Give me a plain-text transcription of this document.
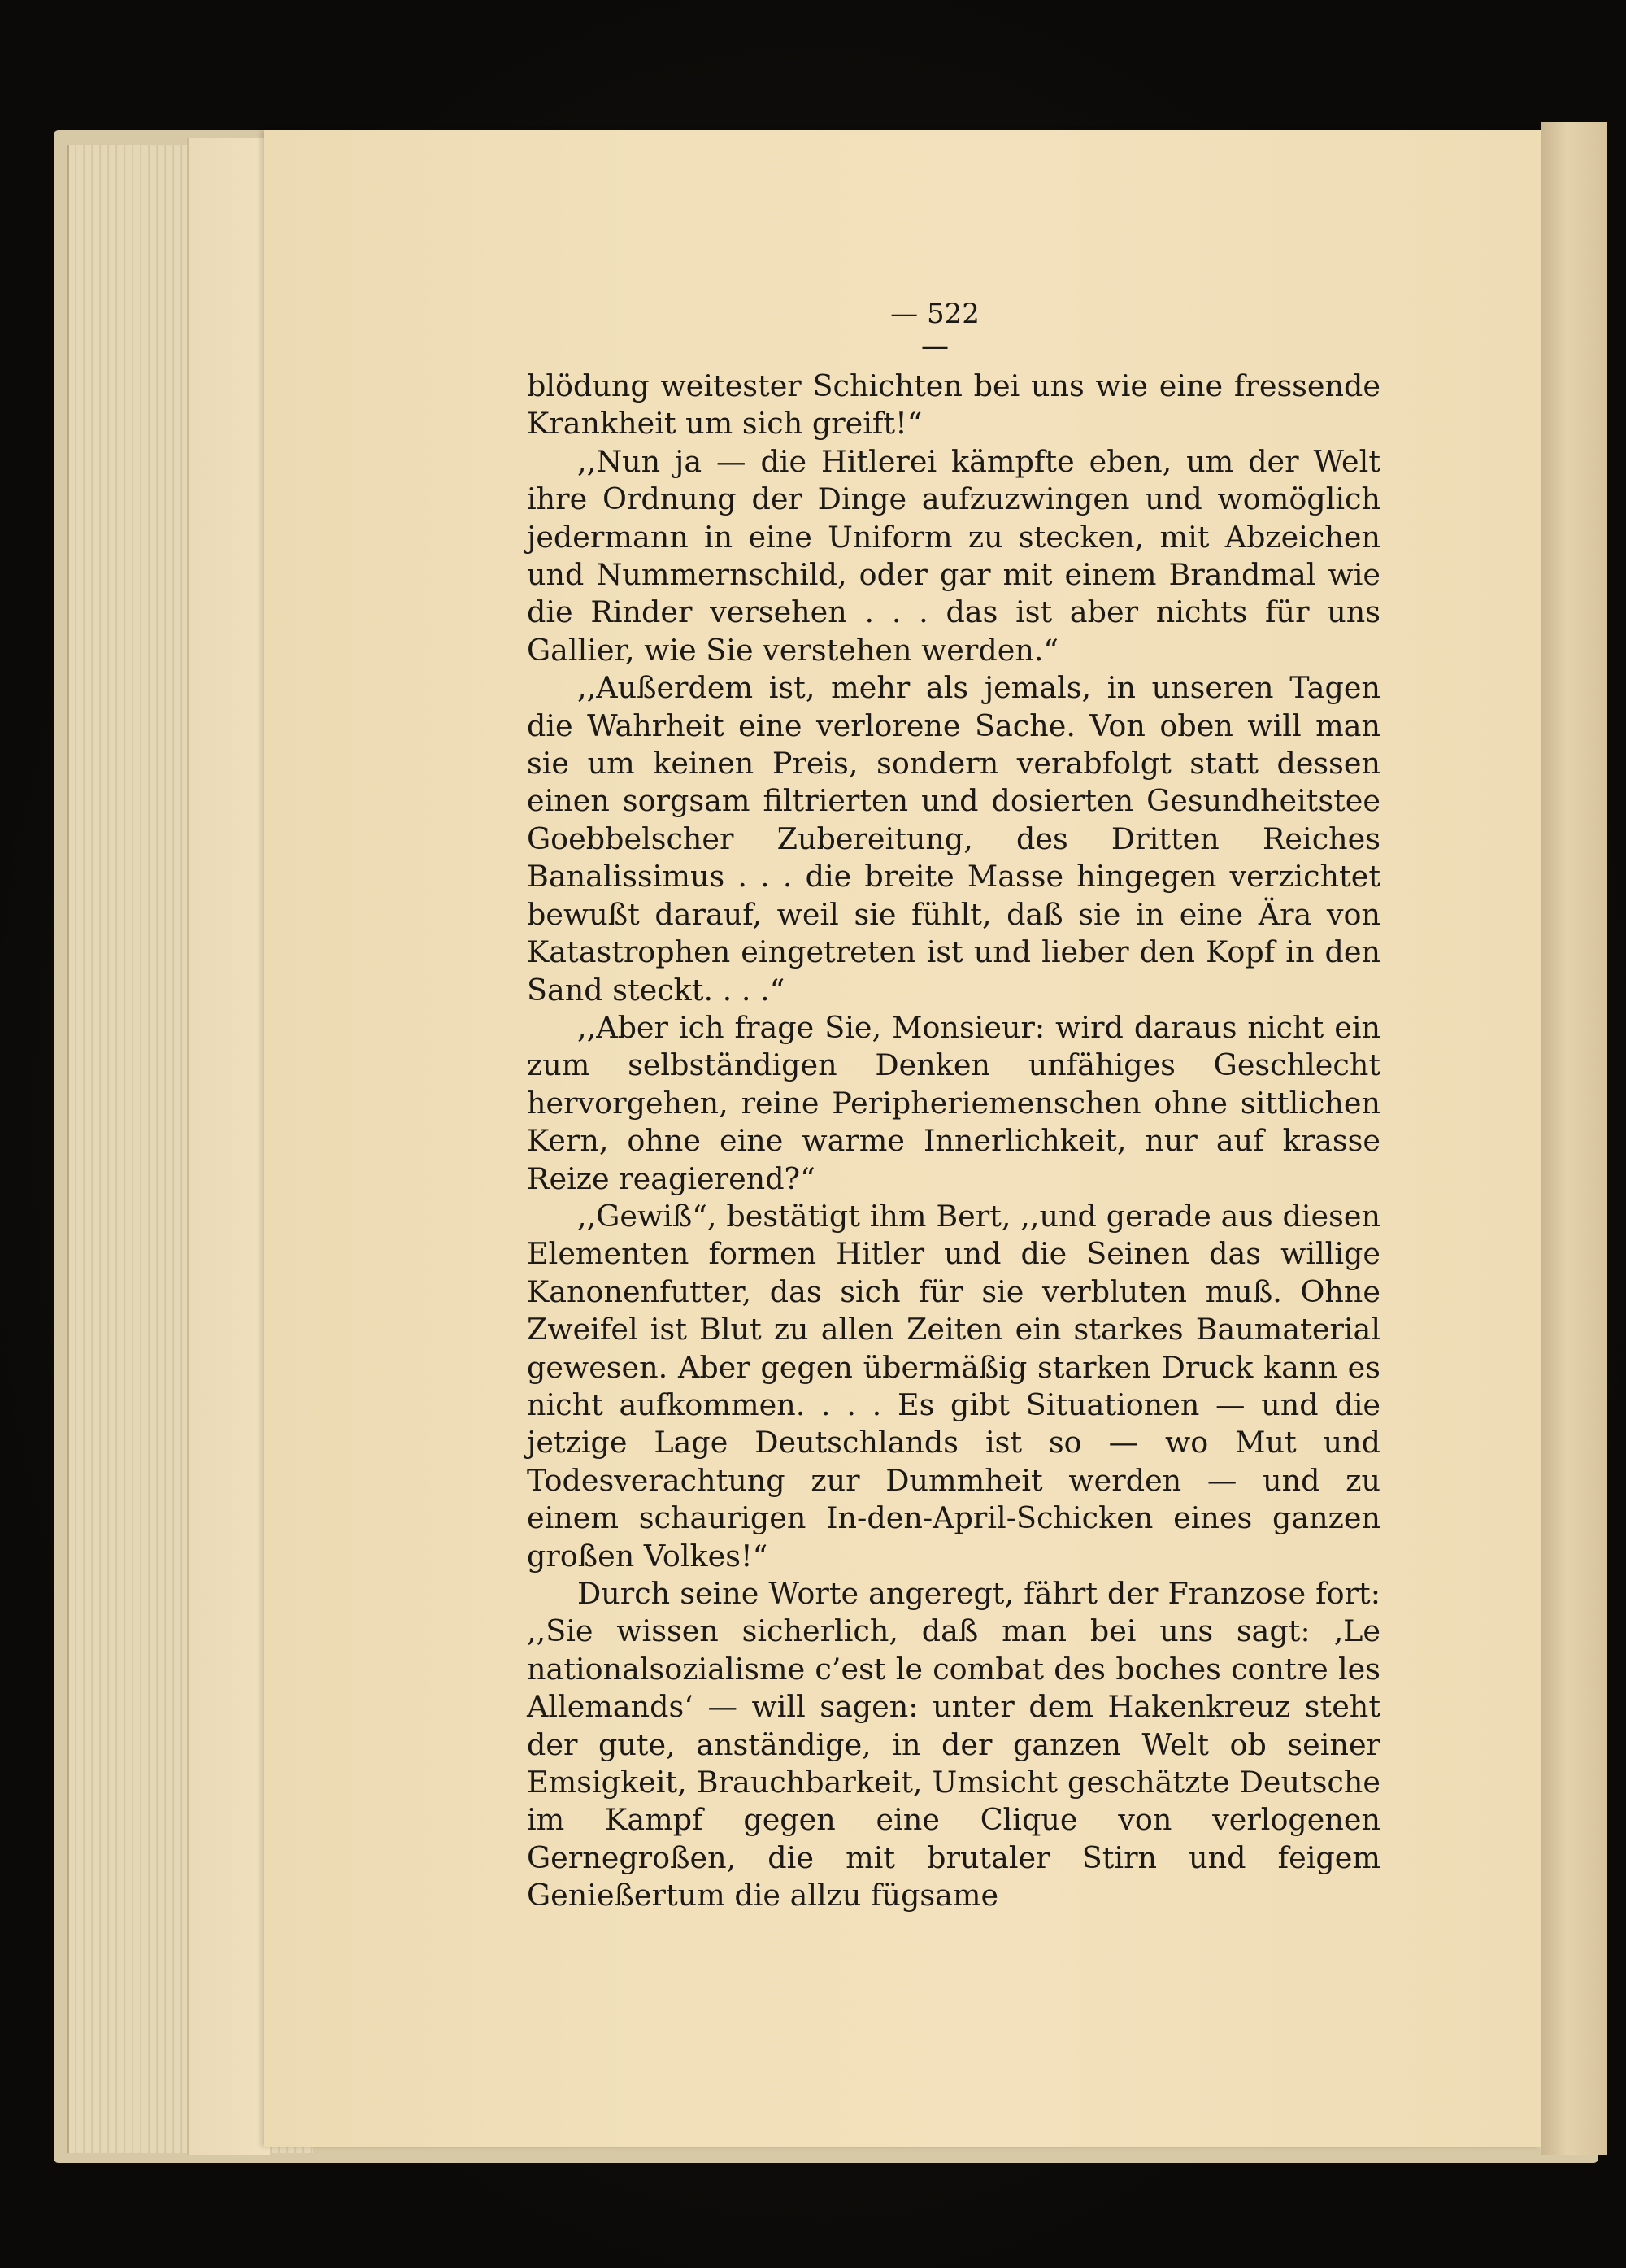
— 522 —

blödung weitester Schichten bei uns wie eine fressende Krankheit um sich greift!“

,,Nun ja — die Hitlerei kämpfte eben, um der Welt ihre Ordnung der Dinge aufzuzwingen und womöglich jedermann in eine Uniform zu stecken, mit Abzeichen und Nummernschild, oder gar mit einem Brandmal wie die Rinder versehen . . . das ist aber nichts für uns Gallier, wie Sie verstehen werden.“

,,Außerdem ist, mehr als jemals, in unseren Tagen die Wahrheit eine verlorene Sache. Von oben will man sie um keinen Preis, sondern verabfolgt statt dessen einen sorgsam filtrierten und dosierten Gesundheitstee Goebbelscher Zubereitung, des Dritten Reiches Banalissimus . . . die breite Masse hingegen verzichtet bewußt darauf, weil sie fühlt, daß sie in eine Ära von Katastrophen eingetreten ist und lieber den Kopf in den Sand steckt. . . .“

,,Aber ich frage Sie, Monsieur: wird daraus nicht ein zum selbständigen Denken unfähiges Geschlecht hervorgehen, reine Peripheriemenschen ohne sittlichen Kern, ohne eine warme Innerlichkeit, nur auf krasse Reize reagierend?“

,,Gewiß“, bestätigt ihm Bert, ,,und gerade aus diesen Elementen formen Hitler und die Seinen das willige Kanonenfutter, das sich für sie verbluten muß. Ohne Zweifel ist Blut zu allen Zeiten ein starkes Baumaterial gewesen. Aber gegen übermäßig starken Druck kann es nicht aufkommen. . . . Es gibt Situationen — und die jetzige Lage Deutschlands ist so — wo Mut und Todesverachtung zur Dummheit werden — und zu einem schaurigen In-den-April-Schicken eines ganzen großen Volkes!“

Durch seine Worte angeregt, fährt der Franzose fort: ,,Sie wissen sicherlich, daß man bei uns sagt: ‚Le nationalsozialisme c’est le combat des boches contre les Allemands‘ — will sagen: unter dem Hakenkreuz steht der gute, anständige, in der ganzen Welt ob seiner Emsigkeit, Brauchbarkeit, Umsicht geschätzte Deutsche im Kampf gegen eine Clique von verlogenen Gernegroßen, die mit brutaler Stirn und feigem Genießertum die allzu fügsame
